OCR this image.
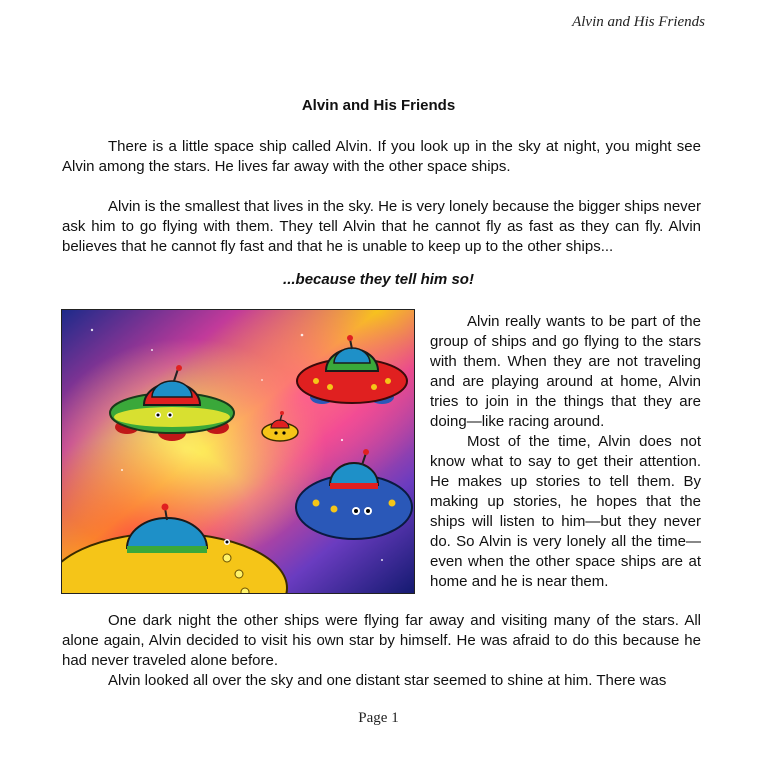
Alvin and His Friends
Alvin and His Friends

There is a little space ship called Alvin. If you look up in the sky at night, you might see Alvin among the stars. He lives far away with the other space ships.

Alvin is the smallest that lives in the sky. He is very lonely because the bigger ships never ask him to go flying with them. They tell Alvin that he cannot fly as fast as they can fly. Alvin believes that he cannot fly fast and that he is unable to keep up to the other ships...

...because they tell him so!

Alvin really wants to be part of the group of ships and go flying to the stars with them. When they are not traveling and are playing around at home, Alvin tries to join in the things that they are doing—like racing around.

Most of the time, Alvin does not know what to say to get their attention. He makes up stories to tell them. By making up stories, he hopes that the ships will listen to him—but they never do. So Alvin is very lonely all the time—even when the other space ships are at home and he is near them.

One dark night the other ships were flying far away and visiting many of the stars. All alone again, Alvin decided to visit his own star by himself. He was afraid to do this because he had never traveled alone before.

Alvin looked all over the sky and one distant star seemed to shine at him. There was

Page 1
